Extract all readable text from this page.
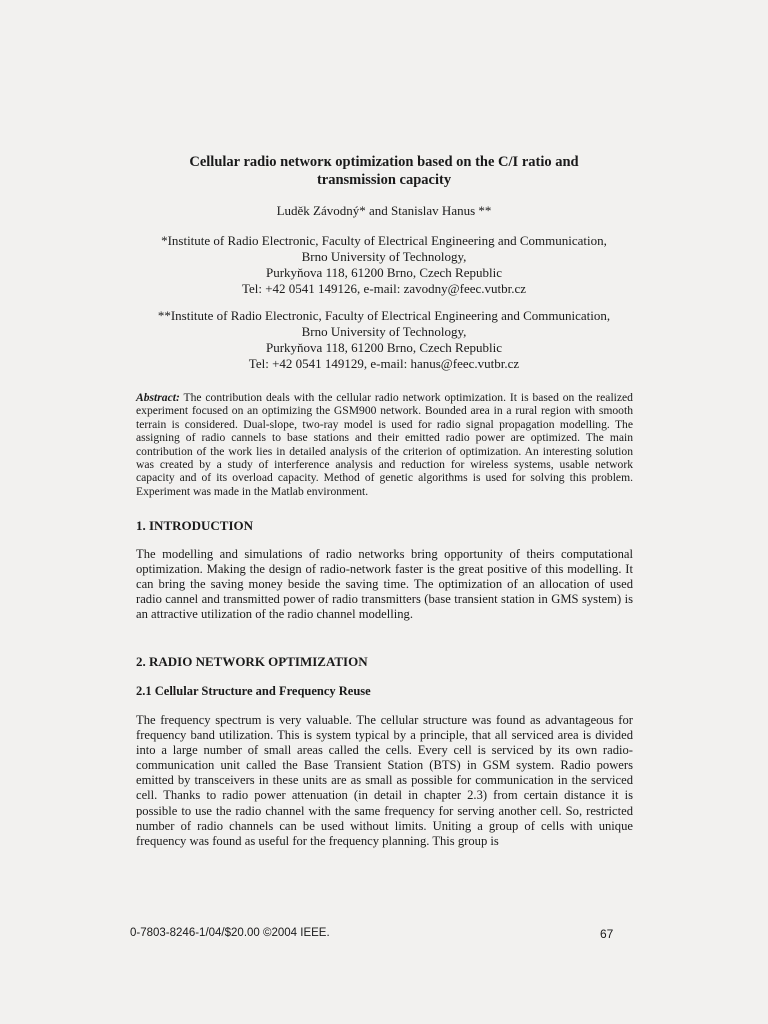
Cellular radio networĸ optimization based on the C/I ratio and
transmission capacity
Luděk Závodný* and Stanislav Hanus **
*Institute of Radio Electronic, Faculty of Electrical Engineering and Communication,
Brno University of Technology,
Purkyňova 118, 61200 Brno, Czech Republic
Tel: +42 0541 149126, e-mail: zavodny@feec.vutbr.cz
**Institute of Radio Electronic, Faculty of Electrical Engineering and Communication,
Brno University of Technology,
Purkyňova 118, 61200 Brno, Czech Republic
Tel: +42 0541 149129, e-mail: hanus@feec.vutbr.cz
Abstract: The contribution deals with the cellular radio network optimization. It is based on the realized experiment focused on an optimizing the GSM900 network. Bounded area in a rural region with smooth terrain is considered. Dual-slope, two-ray model is used for radio signal propagation modelling. The assigning of radio cannels to base stations and their emitted radio power are optimized. The main contribution of the work lies in detailed analysis of the criterion of optimization. An interesting solution was created by a study of interference analysis and reduction for wireless systems, usable network capacity and of its overload capacity. Method of genetic algorithms is used for solving this problem. Experiment was made in the Matlab environment.
1. INTRODUCTION
The modelling and simulations of radio networks bring opportunity of theirs computational optimization. Making the design of radio-network faster is the great positive of this modelling. It can bring the saving money beside the saving time. The optimization of an allocation of used radio cannel and transmitted power of radio transmitters (base transient station in GMS system) is an attractive utilization of the radio channel modelling.
2. RADIO NETWORK OPTIMIZATION
2.1 Cellular Structure and Frequency Reuse
The frequency spectrum is very valuable. The cellular structure was found as advantageous for frequency band utilization. This is system typical by a principle, that all serviced area is divided into a large number of small areas called the cells. Every cell is serviced by its own radio-communication unit called the Base Transient Station (BTS) in GSM system. Radio powers emitted by transceivers in these units are as small as possible for communication in the serviced cell. Thanks to radio power attenuation (in detail in chapter 2.3) from certain distance it is possible to use the radio channel with the same frequency for serving another cell. So, restricted number of radio channels can be used without limits. Uniting a group of cells with unique frequency was found as useful for the frequency planning. This group is
0-7803-8246-1/04/$20.00 ©2004 IEEE.	67
